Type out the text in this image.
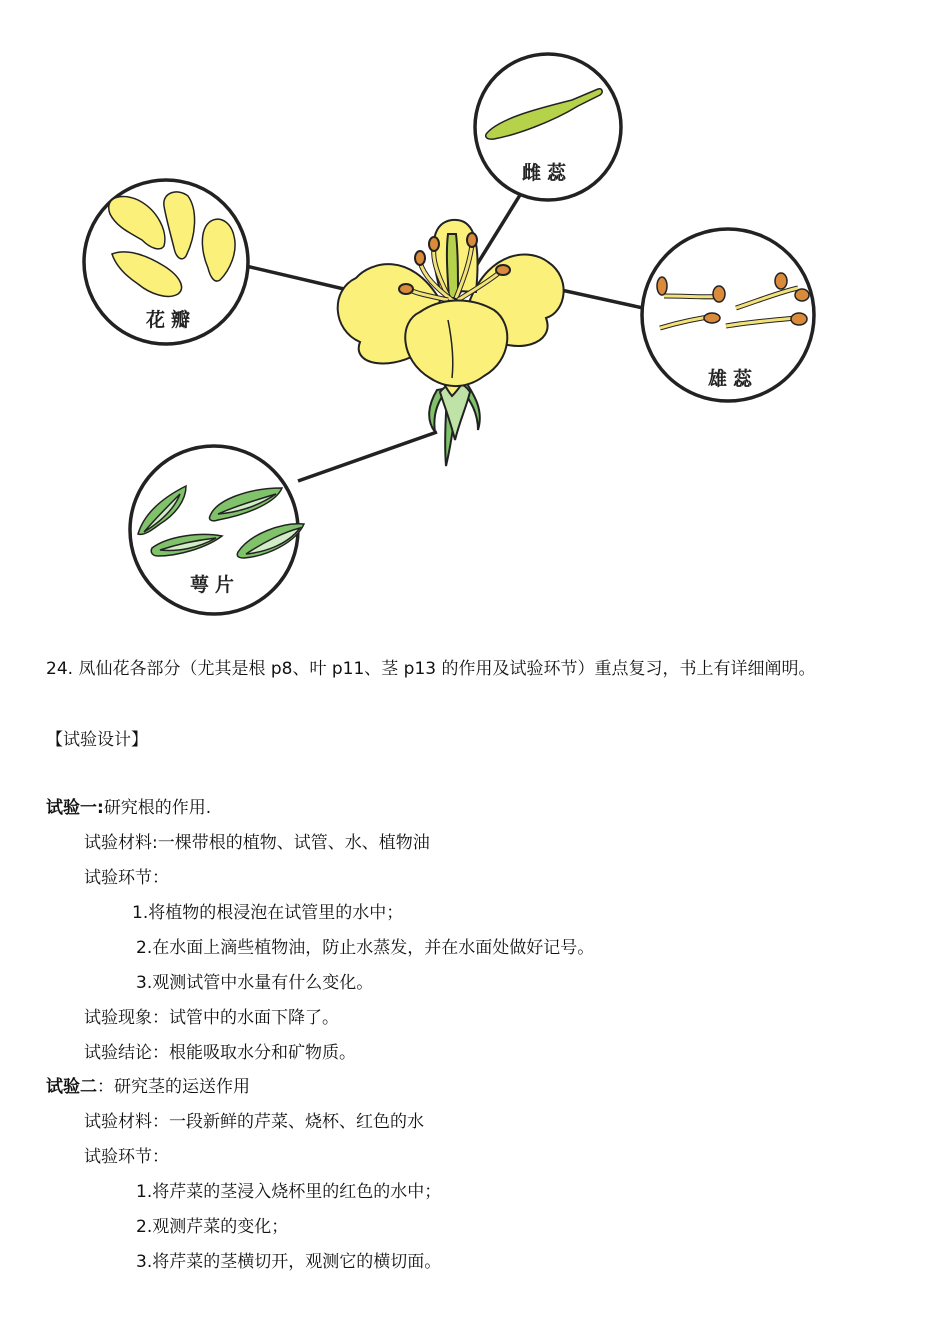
雌蕊
花瓣
雄蕊
萼片
24. 凤仙花各部分（尤其是根 p8、叶 p11、茎 p13 的作用及试验环节）重点复习，书上有详细阐明。
【试验设计】
试验一:研究根的作用.
试验材料:一棵带根的植物、试管、水、植物油
试验环节：
1.将植物的根浸泡在试管里的水中；
2.在水面上滴些植物油，防止水蒸发，并在水面处做好记号。
3.观测试管中水量有什么变化。
试验现象：试管中的水面下降了。
试验结论：根能吸取水分和矿物质。
试验二：研究茎的运送作用
试验材料：一段新鲜的芹菜、烧杯、红色的水
试验环节：
1.将芹菜的茎浸入烧杯里的红色的水中；
2.观测芹菜的变化；
3.将芹菜的茎横切开，观测它的横切面。
